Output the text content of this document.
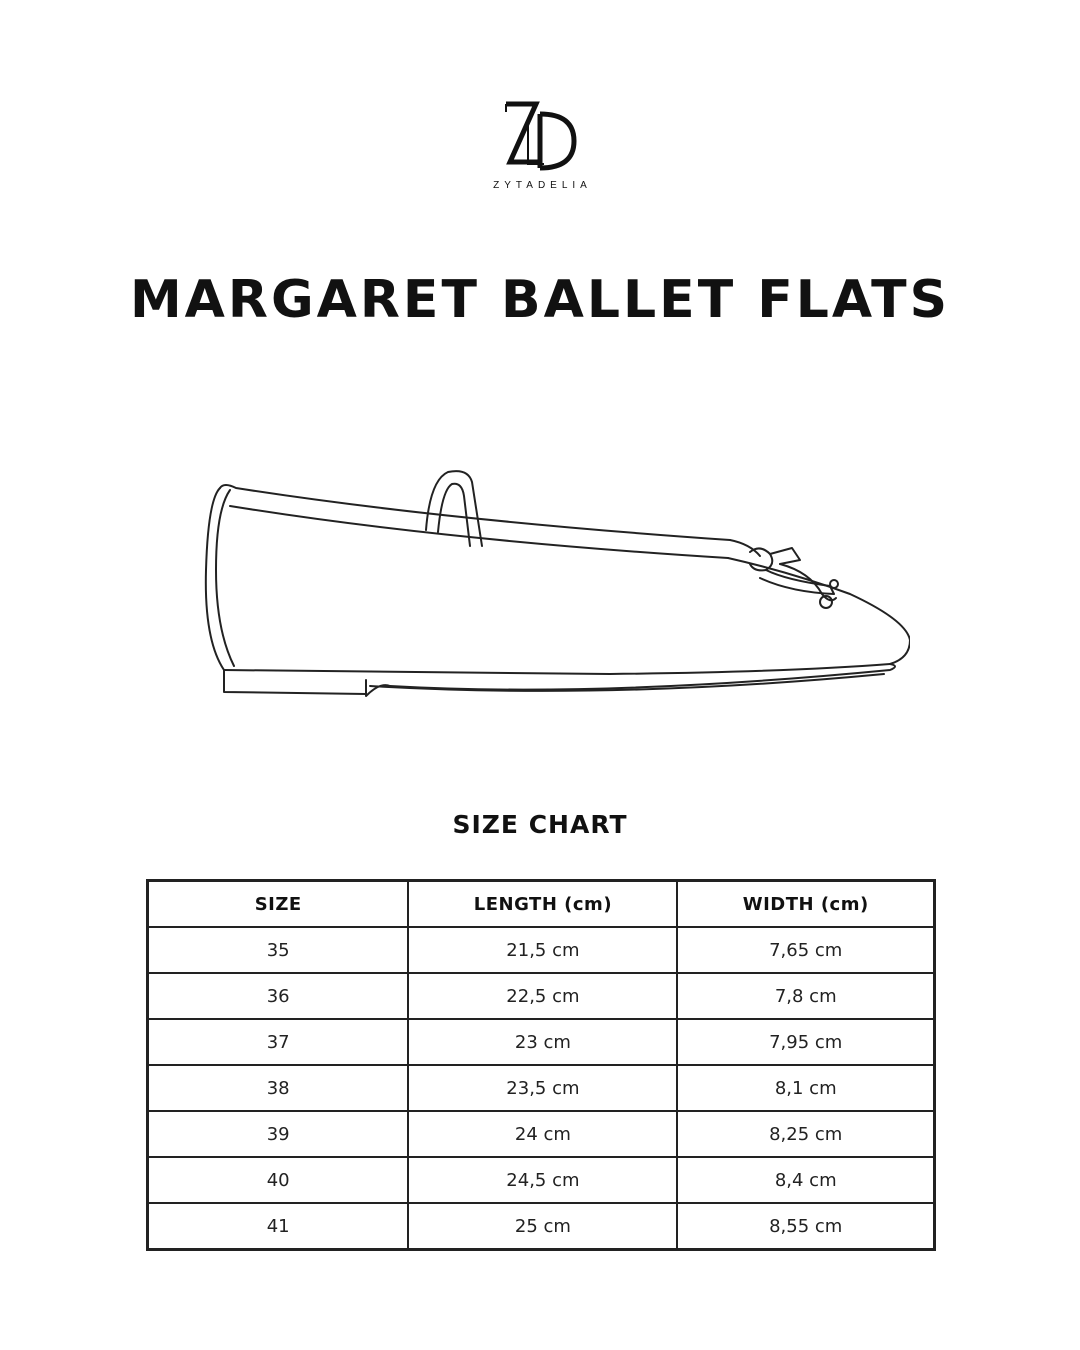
ZYTADELIA
MARGARET BALLET FLATS
SIZE CHART
SIZE	LENGTH (cm)	WIDTH (cm)
35	21,5 cm	7,65 cm
36	22,5 cm	7,8 cm
37	23 cm	7,95 cm
38	23,5 cm	8,1 cm
39	24 cm	8,25 cm
40	24,5 cm	8,4 cm
41	25 cm	8,55 cm
